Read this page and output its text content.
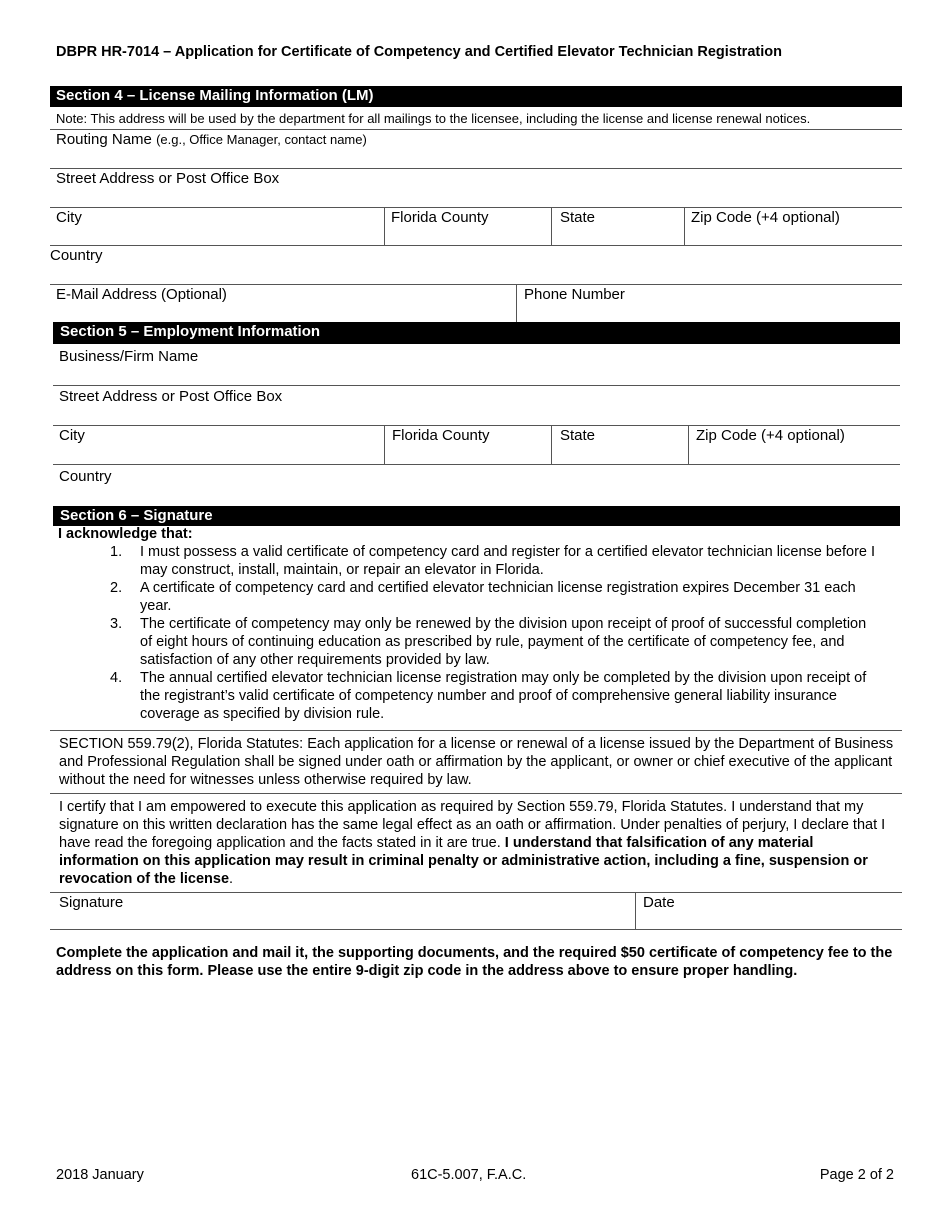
DBPR HR-7014 – Application for Certificate of Competency and Certified Elevator Technician Registration
Section 4 – License Mailing Information (LM)
Note: This address will be used by the department for all mailings to the licensee, including the license and license renewal notices.
Routing Name (e.g., Office Manager, contact name)
Street Address or Post Office Box
City	Florida County	State	Zip Code (+4 optional)
Country
E-Mail Address (Optional)	Phone Number
Section 5 – Employment Information
Business/Firm Name
Street Address or Post Office Box
City	Florida County	State	Zip Code (+4 optional)
Country
Section 6 – Signature
I acknowledge that:
1. I must possess a valid certificate of competency card and register for a certified elevator technician license before I may construct, install, maintain, or repair an elevator in Florida.
2. A certificate of competency card and certified elevator technician license registration expires December 31 each year.
3. The certificate of competency may only be renewed by the division upon receipt of proof of successful completion of eight hours of continuing education as prescribed by rule, payment of the certificate of competency fee, and satisfaction of any other requirements provided by law.
4. The annual certified elevator technician license registration may only be completed by the division upon receipt of the registrant’s valid certificate of competency number and proof of comprehensive general liability insurance coverage as specified by division rule.
SECTION 559.79(2), Florida Statutes: Each application for a license or renewal of a license issued by the Department of Business and Professional Regulation shall be signed under oath or affirmation by the applicant, or owner or chief executive of the applicant without the need for witnesses unless otherwise required by law.
I certify that I am empowered to execute this application as required by Section 559.79, Florida Statutes. I understand that my signature on this written declaration has the same legal effect as an oath or affirmation. Under penalties of perjury, I declare that I have read the foregoing application and the facts stated in it are true. I understand that falsification of any material information on this application may result in criminal penalty or administrative action, including a fine, suspension or revocation of the license.
Signature	Date
Complete the application and mail it, the supporting documents, and the required $50 certificate of competency fee to the address on this form. Please use the entire 9-digit zip code in the address above to ensure proper handling.
2018 January	61C-5.007, F.A.C.	Page 2 of 2
